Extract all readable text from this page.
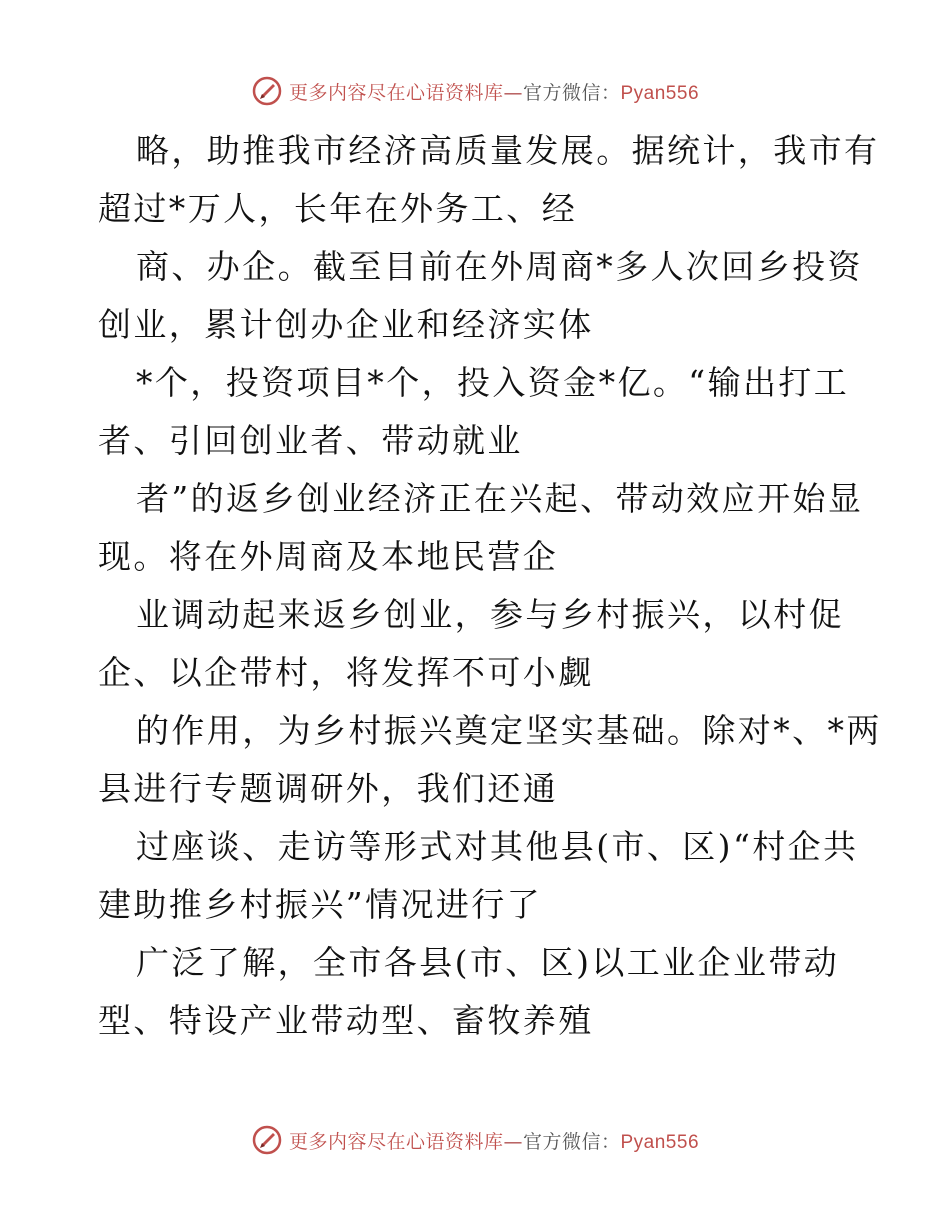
更多内容尽在心语资料库—官方微信：Pyan556
略，助推我市经济高质量发展。据统计，我市有
超过*万人，长年在外务工、经
商、办企。截至目前在外周商*多人次回乡投资
创业，累计创办企业和经济实体
*个，投资项目*个，投入资金*亿。“输出打工
者、引回创业者、带动就业
者”的返乡创业经济正在兴起、带动效应开始显
现。将在外周商及本地民营企
业调动起来返乡创业，参与乡村振兴，以村促
企、以企带村，将发挥不可小觑
的作用，为乡村振兴奠定坚实基础。除对*、*两
县进行专题调研外，我们还通
过座谈、走访等形式对其他县(市、区)“村企共
建助推乡村振兴”情况进行了
广泛了解，全市各县(市、区)以工业企业带动
型、特设产业带动型、畜牧养殖
更多内容尽在心语资料库—官方微信：Pyan556
